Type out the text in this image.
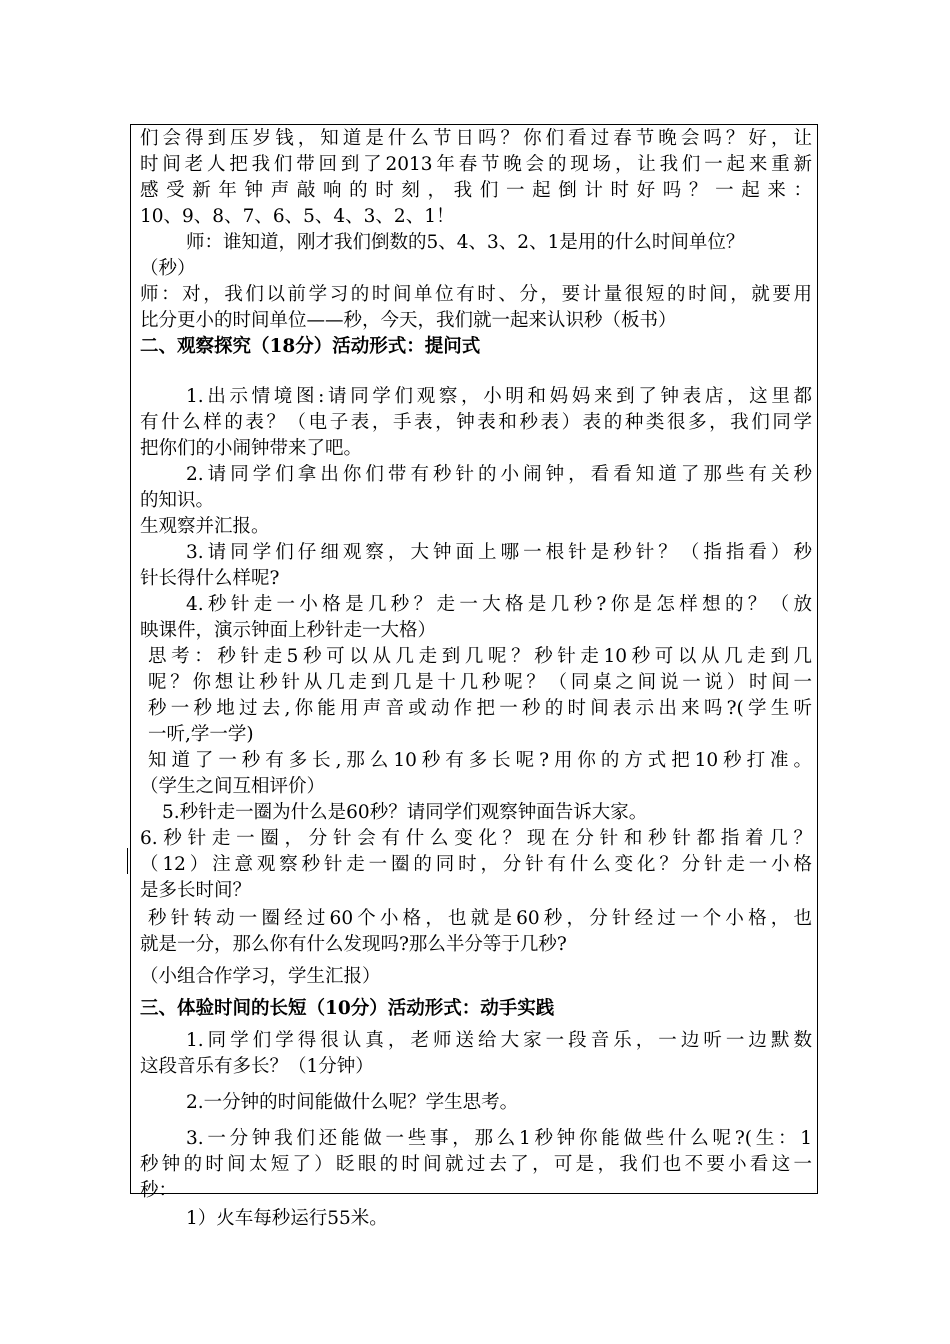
们会得到压岁钱，知道是什么节日吗？你们看过春节晚会吗？好，让
时间老人把我们带回到了2013年春节晚会的现场，让我们一起来重新
感受新年钟声敲响的时刻，我们一起倒计时好吗？一起来：
10、9、8、7、6、5、4、3、2、1！
师：谁知道，刚才我们倒数的5、4、3、2、1是用的什么时间单位？
（秒）
师：对，我们以前学习的时间单位有时、分，要计量很短的时间，就要用
比分更小的时间单位——秒，今天，我们就一起来认识秒（板书）
二、观察探究（18分）活动形式：提问式
1.出示情境图:请同学们观察，小明和妈妈来到了钟表店，这里都
有什么样的表？（电子表，手表，钟表和秒表）表的种类很多，我们同学
把你们的小闹钟带来了吧。
2.请同学们拿出你们带有秒针的小闹钟，看看知道了那些有关秒
的知识。
生观察并汇报。
3.请同学们仔细观察，大钟面上哪一根针是秒针？（指指看）秒
针长得什么样呢?
4.秒针走一小格是几秒？走一大格是几秒?你是怎样想的？（放
映课件，演示钟面上秒针走一大格）
思考：秒针走5秒可以从几走到几呢？秒针走10秒可以从几走到几
呢？你想让秒针从几走到几是十几秒呢？（同桌之间说一说）时间一
秒一秒地过去,你能用声音或动作把一秒的时间表示出来吗?(学生听
一听,学一学)
知道了一秒有多长,那么10秒有多长呢?用你的方式把10秒打准。
（学生之间互相评价）
5.秒针走一圈为什么是60秒？请同学们观察钟面告诉大家。
6.秒针走一圈，分针会有什么变化？现在分针和秒针都指着几？
（12）注意观察秒针走一圈的同时，分针有什么变化？分针走一小格
是多长时间？
秒针转动一圈经过60个小格，也就是60秒，分针经过一个小格，也
就是一分，那么你有什么发现吗?那么半分等于几秒?
（小组合作学习，学生汇报）
三、体验时间的长短（10分）活动形式：动手实践
1.同学们学得很认真，老师送给大家一段音乐，一边听一边默数
这段音乐有多长？（1分钟）
2.一分钟的时间能做什么呢？学生思考。
3.一分钟我们还能做一些事，那么1秒钟你能做些什么呢?(生：1
秒钟的时间太短了）眨眼的时间就过去了，可是，我们也不要小看这一
秒：
1）火车每秒运行55米。
